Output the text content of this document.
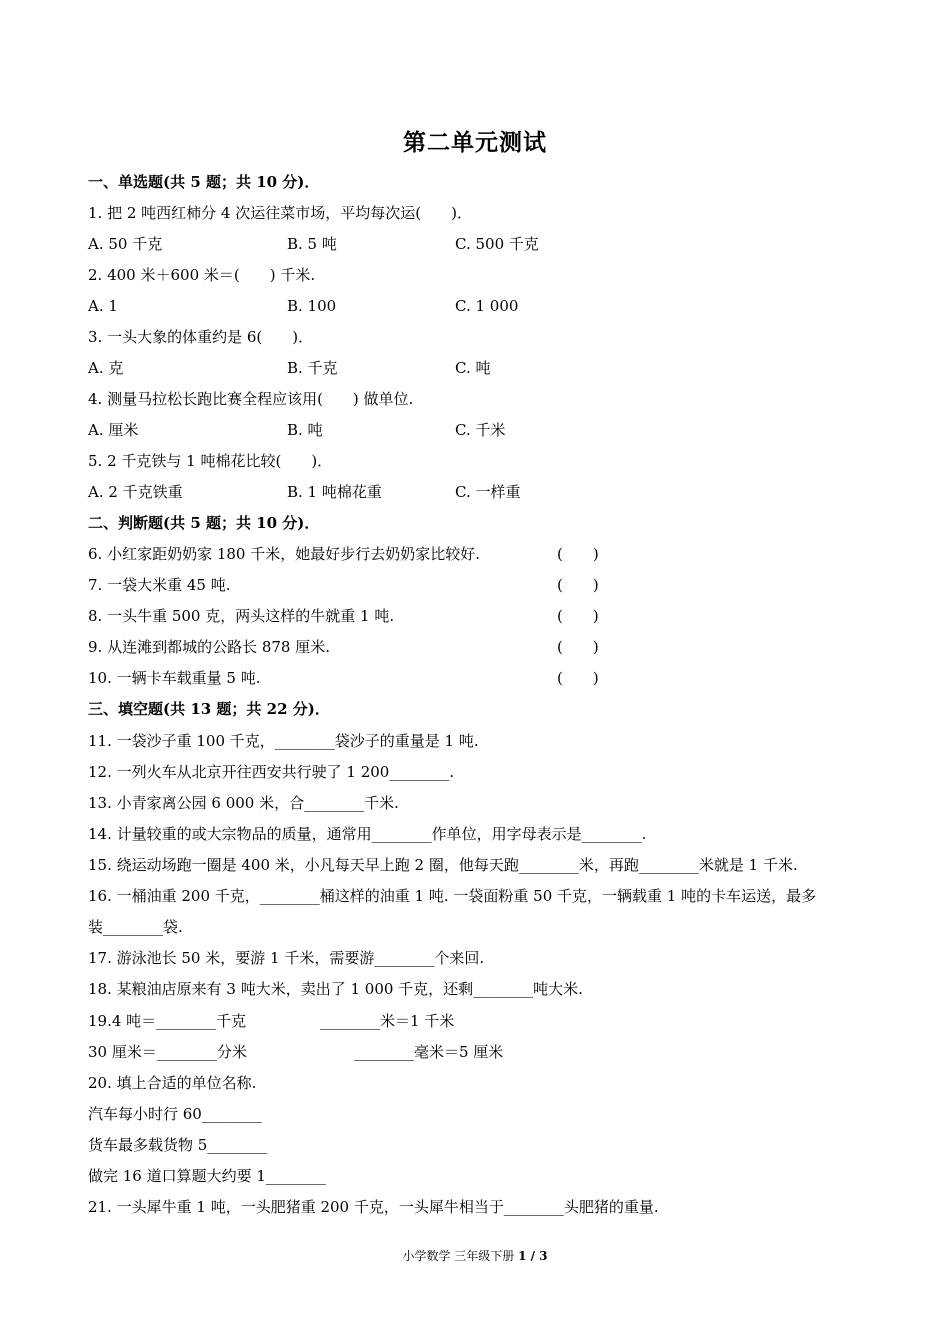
第二单元测试
一、单选题(共 5 题；共 10 分)．
1. 把 2 吨西红柿分 4 次运往菜市场，平均每次运(　　)．
A. 50 千克	B. 5 吨	C. 500 千克
2. 400 米＋600 米＝(　　) 千米.
A. 1	B. 100	C. 1 000
3. 一头大象的体重约是 6(　　)．
A. 克	B. 千克	C. 吨
4. 测量马拉松长跑比赛全程应该用(　　) 做单位.
A. 厘米	B. 吨	C. 千米
5. 2 千克铁与 1 吨棉花比较(　　)．
A. 2 千克铁重	B. 1 吨棉花重	C. 一样重
二、判断题(共 5 题；共 10 分)．
6. 小红家距奶奶家 180 千米，她最好步行去奶奶家比较好.	(　　)
7. 一袋大米重 45 吨.	(　　)
8. 一头牛重 500 克，两头这样的牛就重 1 吨.	(　　)
9. 从连滩到都城的公路长 878 厘米.	(　　)
10. 一辆卡车载重量 5 吨.	(　　)
三、填空题(共 13 题；共 22 分)．
11. 一袋沙子重 100 千克，________袋沙子的重量是 1 吨.
12. 一列火车从北京开往西安共行驶了 1 200________.
13. 小青家离公园 6 000 米，合________千米.
14. 计量较重的或大宗物品的质量，通常用________作单位，用字母表示是________.
15. 绕运动场跑一圈是 400 米，小凡每天早上跑 2 圈，他每天跑________米，再跑________米就是 1 千米.
16. 一桶油重 200 千克，________桶这样的油重 1 吨. 一袋面粉重 50 千克，一辆载重 1 吨的卡车运送，最多
装________袋.
17. 游泳池长 50 米，要游 1 千米，需要游________个来回.
18. 某粮油店原来有 3 吨大米，卖出了 1 000 千克，还剩________吨大米.
19.4 吨＝________千克	________米＝1 千米
30 厘米＝________分米	________毫米＝5 厘米
20. 填上合适的单位名称.
汽车每小时行 60________
货车最多载货物 5________
做完 16 道口算题大约要 1________
21. 一头犀牛重 1 吨，一头肥猪重 200 千克，一头犀牛相当于________头肥猪的重量.
小学数学 三年级下册 1 / 3
